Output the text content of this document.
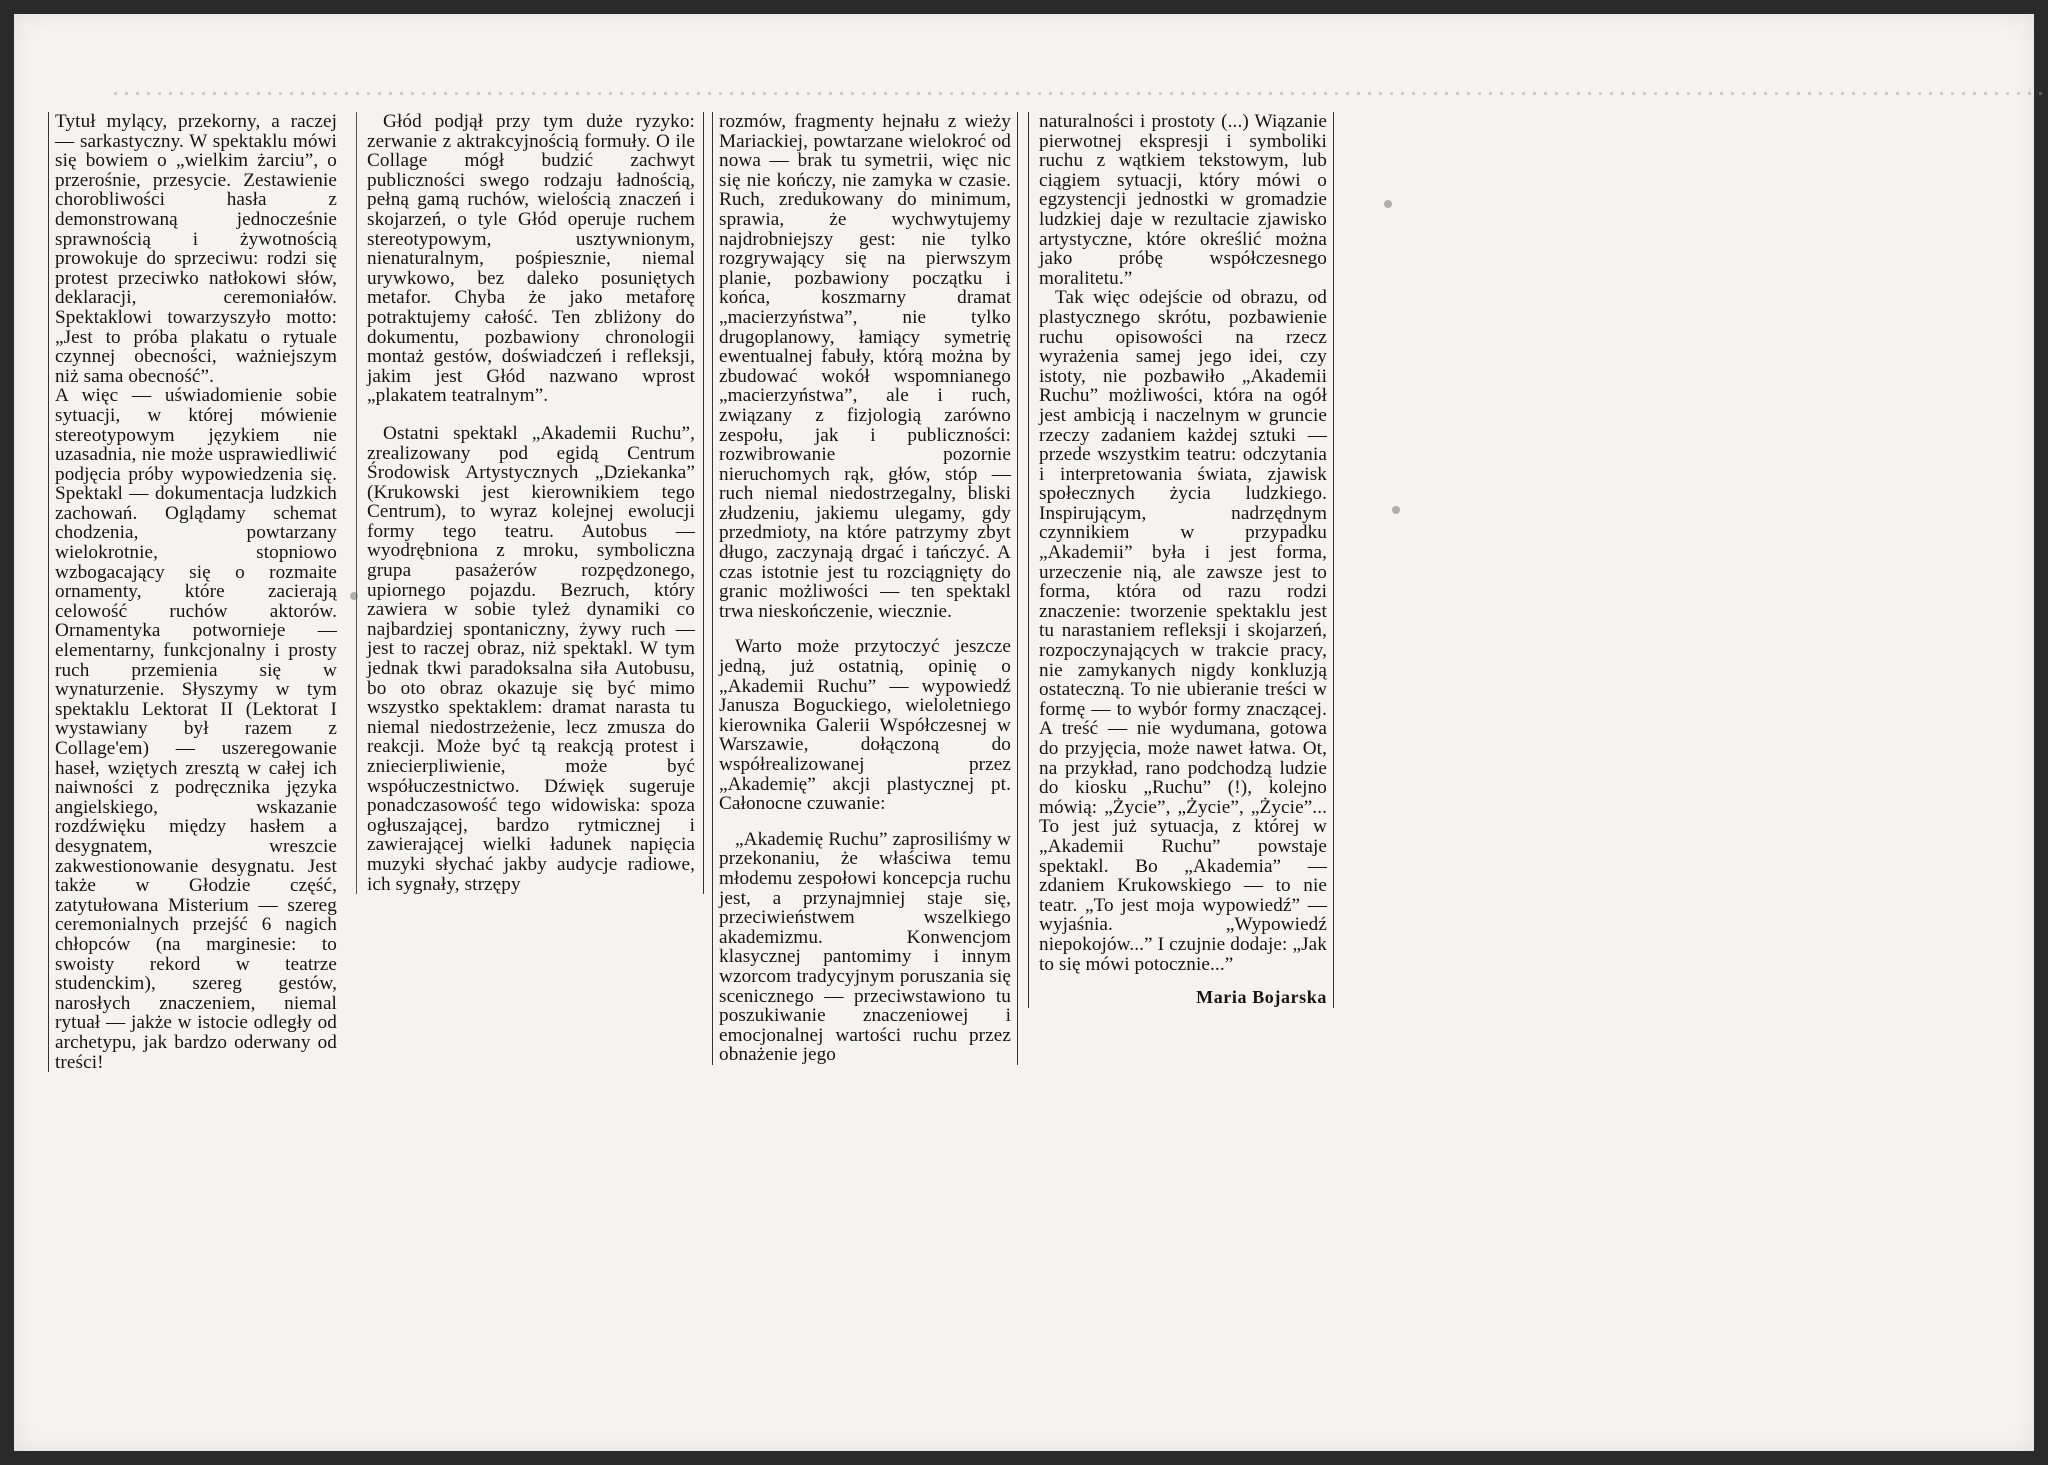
Tytuł mylący, przekorny, a raczej — sarkastyczny. W spektaklu mówi się bowiem o „wielkim żarciu”, o przerośnie, przesycie. Zestawienie chorobliwości hasła z demonstrowaną jednocześnie sprawnością i żywotnością prowokuje do sprzeciwu: rodzi się protest przeciwko natłokowi słów, deklaracji, ceremoniałów. Spektaklowi towarzyszyło motto: „Jest to próba plakatu o rytuale czynnej obecności, ważniejszym niż sama obecność”.

A więc — uświadomienie sobie sytuacji, w której mówienie stereotypowym językiem nie uzasadnia, nie może usprawiedliwić podjęcia próby wypowiedzenia się. Spektakl — dokumentacja ludzkich zachowań. Oglądamy schemat chodzenia, powtarzany wielokrotnie, stopniowo wzbogacający się o rozmaite ornamenty, które zacierają celowość ruchów aktorów. Ornamentyka potworniejе — elementarny, funkcjonalny i prosty ruch przemienia się w wynaturzenie. Słyszymy w tym spektaklu Lektorat II (Lektorat I wystawiany był razem z Collage'em) — uszeregowanie haseł, wziętych zresztą w całej ich naiwności z podręcznika języka angielskiego, wskazanie rozdźwięku między hasłem a desygnatem, wreszcie zakwestionowanie desygnatu. Jest także w Głodzie część, zatytułowana Misterium — szereg ceremonialnych przejść 6 nagich chłopców (na marginesie: to swoisty rekord w teatrze studenckim), szereg gestów, narosłych znaczeniem, niemal rytuał — jakże w istocie odległy od archetypu, jak bardzo oderwany od treści!

Głód podjął przy tym duże ryzyko: zerwanie z aktrakcyjnością formuły. O ile Collage mógł budzić zachwyt publiczności swego rodzaju ładnością, pełną gamą ruchów, wielością znaczeń i skojarzeń, o tyle Głód operuje ruchem stereotypowym, usztywnionym, nienaturalnym, pośpiesznie, niemal urywkowo, bez daleko posuniętych metafor. Chyba że jako metaforę potraktujemy całość. Ten zbliżony do dokumentu, pozbawiony chronologii montaż gestów, doświadczeń i refleksji, jakim jest Głód nazwano wprost „plakatem teatralnym”.

Ostatni spektakl „Akademii Ruchu”, zrealizowany pod egidą Centrum Środowisk Artystycznych „Dziekanka” (Krukowski jest kierownikiem tego Centrum), to wyraz kolejnej ewolucji formy tego teatru. Autobus — wyodrębniona z mroku, symboliczna grupa pasażerów rozpędzonego, upiornego pojazdu. Bezruch, który zawiera w sobie tyleż dynamiki co najbardziej spontaniczny, żywy ruch — jest to raczej obraz, niż spektakl. W tym jednak tkwi paradoksalna siła Autobusu, bo oto obraz okazuje się być mimo wszystko spektaklem: dramat narasta tu niemal niedostrzeżenie, lecz zmusza do reakcji. Może być tą reakcją protest i zniecierpliwienie, może być współuczestnictwo. Dźwięk sugeruje ponadczasowość tego widowiska: spoza ogłuszającej, bardzo rytmicznej i zawierającej wielki ładunek napięcia muzyki słychać jakby audycje radiowe, ich sygnały, strzępy

rozmów, fragmenty hejnału z wieży Mariackiej, powtarzane wielokroć od nowa — brak tu symetrii, więc nic się nie kończy, nie zamyka w czasie. Ruch, zredukowany do minimum, sprawia, że wychwytujemy najdrobniejszy gest: nie tylko rozgrywający się na pierwszym planie, pozbawiony początku i końca, koszmarny dramat „macierzyństwa”, nie tylko drugoplanowy, łamiący symetrię ewentualnej fabuły, którą można by zbudować wokół wspomnianego „macierzyństwa”, ale i ruch, związany z fizjologią zarówno zespołu, jak i publiczności: rozwibrowanie pozornie nieruchomych rąk, głów, stóp — ruch niemal niedostrzegalny, bliski złudzeniu, jakiemu ulegamy, gdy przedmioty, na które patrzymy zbyt długo, zaczynają drgać i tańczyć. A czas istotnie jest tu rozciągnięty do granic możliwości — ten spektakl trwa nieskończenie, wiecznie.

Warto może przytoczyć jeszcze jedną, już ostatnią, opinię o „Akademii Ruchu” — wypowiedź Janusza Boguckiego, wieloletniego kierownika Galerii Współczesnej w Warszawie, dołączoną do współrealizowanej przez „Akademię” akcji plastycznej pt. Całonocne czuwanie:

„Akademię Ruchu” zaprosiliśmy w przekonaniu, że właściwa temu młodemu zespołowi koncepcja ruchu jest, a przynajmniej staje się, przeciwieństwem wszelkiego akademizmu. Konwencjom klasycznej pantomimy i innym wzorcom tradycyjnym poruszania się scenicznego — przeciwstawiono tu poszukiwanie znaczeniowej i emocjonalnej wartości ruchu przez obnażenie jego

naturalności i prostoty (...) Wiązanie pierwotnej ekspresji i symboliki ruchu z wątkiem tekstowym, lub ciągiem sytuacji, który mówi o egzystencji jednostki w gromadzie ludzkiej daje w rezultacie zjawisko artystyczne, które określić można jako próbę współczesnego moralitetu.”

Tak więc odejście od obrazu, od plastycznego skrótu, pozbawienie ruchu opisowości na rzecz wyrażenia samej jego idei, czy istoty, nie pozbawiło „Akademii Ruchu” możliwości, która na ogół jest ambicją i naczelnym w gruncie rzeczy zadaniem każdej sztuki — przede wszystkim teatru: odczytania i interpretowania świata, zjawisk społecznych życia ludzkiego. Inspirującym, nadrzędnym czynnikiem w przypadku „Akademii” była i jest forma, urzeczenie nią, ale zawsze jest to forma, która od razu rodzi znaczenie: tworzenie spektaklu jest tu narastaniem refleksji i skojarzeń, rozpoczynających w trakcie pracy, nie zamykanych nigdy konkluzją ostateczną. To nie ubieranie treści w formę — to wybór formy znaczącej. A treść — nie wydumana, gotowa do przyjęcia, może nawet łatwa. Ot, na przykład, rano podchodzą ludzie do kiosku „Ruchu” (!), kolejno mówią: „Życie”, „Życie”, „Życie”... To jest już sytuacja, z której w „Akademii Ruchu” powstaje spektakl. Bo „Akademia” — zdaniem Krukowskiego — to nie teatr. „To jest moja wypowiedź” — wyjaśnia. „Wypowiedź niepokojów...” I czujnie dodaje: „Jak to się mówi potocznie...”

Maria Bojarska
